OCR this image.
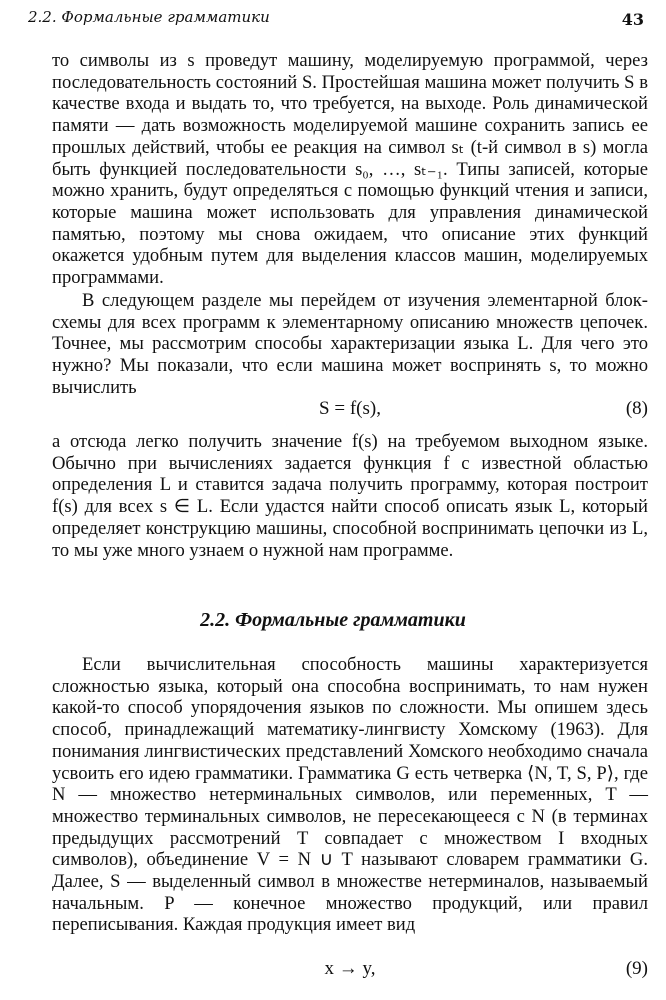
2.2. Формальные грамматики	43

то символы из s проведут машину, моделируемую программой, через последовательность состояний S. Простейшая машина может получить S в качестве входа и выдать то, что требуется, на выходе. Роль динамической памяти — дать возможность моделируемой машине сохранить запись ее прошлых действий, чтобы ее реакция на символ sₜ (t-й символ в s) могла быть функцией последовательности s₀, …, sₜ₋₁. Типы записей, которые можно хранить, будут определяться с помощью функций чтения и записи, которые машина может использовать для управления динамической памятью, поэтому мы снова ожидаем, что описание этих функций окажется удобным путем для выделения классов машин, моделируемых программами.

В следующем разделе мы перейдем от изучения элементарной блок-схемы для всех программ к элементарному описанию множеств цепочек. Точнее, мы рассмотрим способы характеризации языка L. Для чего это нужно? Мы показали, что если машина может воспринять s, то можно вычислить

S = f(s),	(8)

а отсюда легко получить значение f(s) на требуемом выходном языке. Обычно при вычислениях задается функция f с известной областью определения L и ставится задача получить программу, которая построит f(s) для всех s ∈ L. Если удастся найти способ описать язык L, который определяет конструкцию машины, способной воспринимать цепочки из L, то мы уже много узнаем о нужной нам программе.

2.2. Формальные грамматики

Если вычислительная способность машины характеризуется сложностью языка, который она способна воспринимать, то нам нужен какой-то способ упорядочения языков по сложности. Мы опишем здесь способ, принадлежащий математику-лингвисту Хомскому (1963). Для понимания лингвистических представлений Хомского необходимо сначала усвоить его идею грамматики. Грамматика G есть четверка ⟨N, T, S, P⟩, где N — множество нетерминальных символов, или переменных, T — множество терминальных символов, не пересекающееся с N (в терминах предыдущих рассмотрений T совпадает с множеством I входных символов), объединение V = N ∪ T называют словарем грамматики G. Далее, S — выделенный символ в множестве нетерминалов, называемый начальным. P — конечное множество продукций, или правил переписывания. Каждая продукция имеет вид

x → y,	(9)
